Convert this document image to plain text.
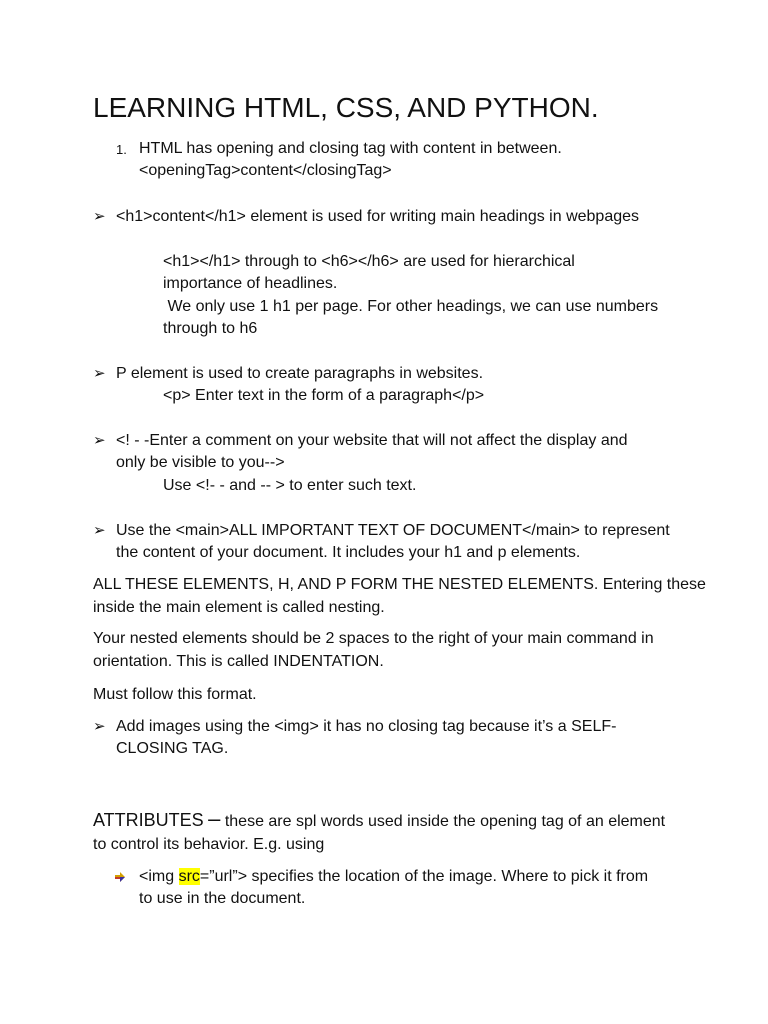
LEARNING HTML, CSS, AND PYTHON.
1. HTML has opening and closing tag with content in between.
<openingTag>content</closingTag>
➢ <h1>content</h1> element is used for writing main headings in webpages
<h1></h1> through to <h6></h6> are used for hierarchical
importance of headlines.
We only use 1 h1 per page. For other headings, we can use numbers
through to h6
➢ P element is used to create paragraphs in websites.
<p> Enter text in the form of a paragraph</p>
➢ <! - -Enter a comment on your website that will not affect the display and
only be visible to you-->
Use <!- - and -- > to enter such text.
➢ Use the <main>ALL IMPORTANT TEXT OF DOCUMENT</main> to represent
the content of your document. It includes your h1 and p elements.
ALL THESE ELEMENTS, H, AND P FORM THE NESTED ELEMENTS. Entering these
inside the main element is called nesting.
Your nested elements should be 2 spaces to the right of your main command in
orientation. This is called INDENTATION.
Must follow this format.
➢ Add images using the <img> it has no closing tag because it’s a SELF-
CLOSING TAG.
ATTRIBUTES – these are spl words used inside the opening tag of an element
to control its behavior. E.g. using
<img src=”url”> specifies the location of the image. Where to pick it from
to use in the document.
